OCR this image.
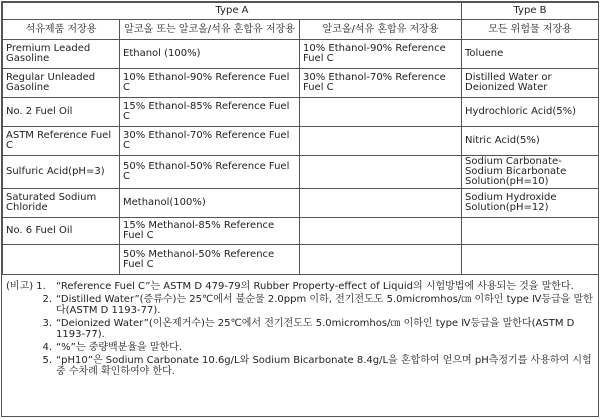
Type A			Type B
석유제품 저장용	알코올 또는 알코올/석유 혼합유 저장용	알코올/석유 혼합유 저장용	모든 위험물 저장용
Premium Leaded Gasoline	Ethanol (100%)	10% Ethanol-90% Reference Fuel C	Toluene
Regular Unleaded Gasoline	10% Ethanol-90% Reference Fuel C	30% Ethanol-70% Reference Fuel C	Distilled Water or Deionized Water
No. 2 Fuel Oil	15% Ethanol-85% Reference Fuel C		Hydrochloric Acid(5%)
ASTM Reference Fuel C	30% Ethanol-70% Reference Fuel C		Nitric Acid(5%)
Sulfuric Acid(pH=3)	50% Ethanol-50% Reference Fuel C		Sodium Carbonate-Sodium Bicarbonate Solution(pH=10)
Saturated Sodium Chloride	Methanol(100%)		Sodium Hydroxide Solution(pH=12)
No. 6 Fuel Oil	15% Methanol-85% Reference Fuel C		
	50% Methanol-50% Reference Fuel C		
(비고) 1.	“Reference Fuel C”는 ASTM D 479-79의 Rubber Property-effect of Liquid의 시험방법에 사용되는 것을 말한다.
2. “Distilled Water”(증류수)는 25℃에서 불순물 2.0ppm 이하, 전기전도도 5.0micromhos/㎝ 이하인 type Ⅳ등급을 말한다(ASTM D 1193-77).
3. “Deionized Water”(이온제거수)는 25℃에서 전기전도도 5.0micromhos/㎝ 이하인 type Ⅳ등급을 말한다(ASTM D 1193-77).
4. “%”는 중량백분율을 말한다.
5. “pH10”은 Sodium Carbonate 10.6g/L와 Sodium Bicarbonate 8.4g/L을 혼합하여 얻으며 pH측정기를 사용하여 시험중 수차례 확인하여야 한다.
